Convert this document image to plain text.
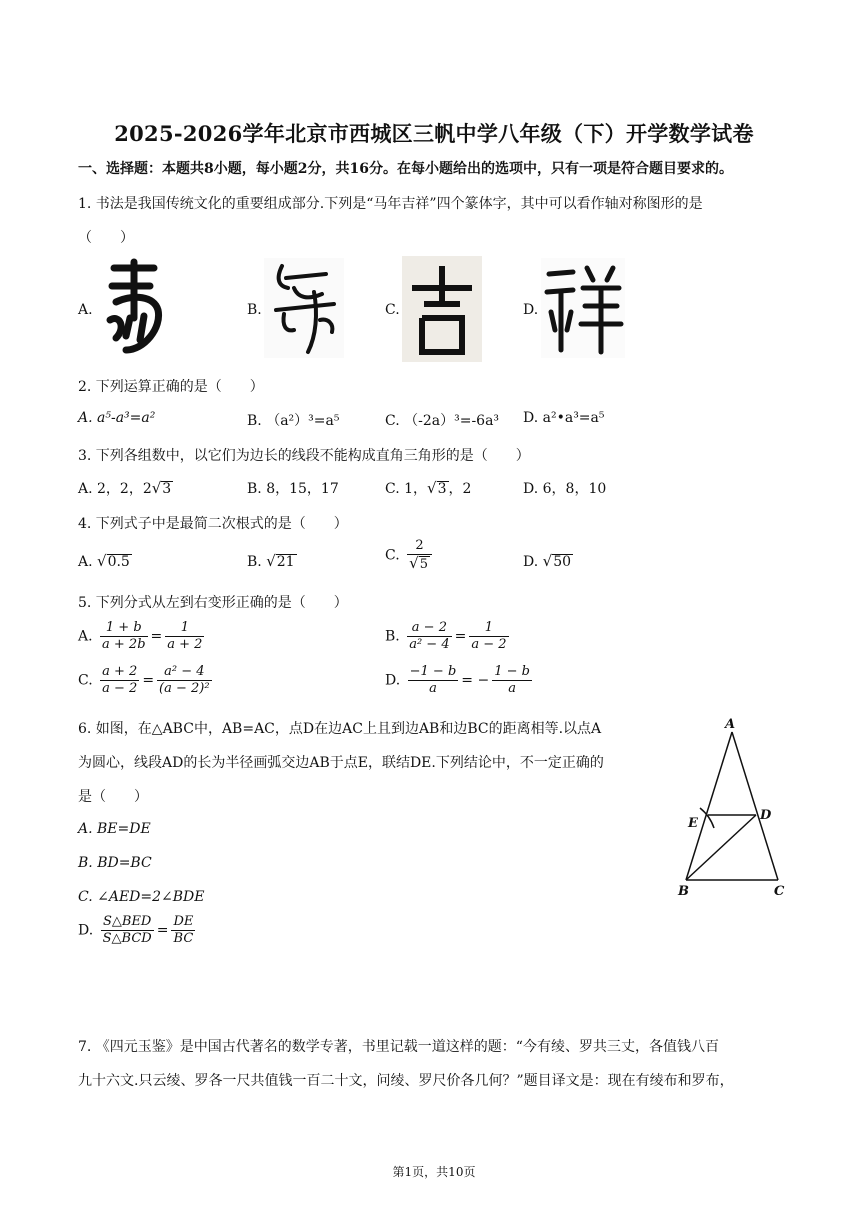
2025-2026学年北京市西城区三帆中学八年级（下）开学数学试卷
一、选择题：本题共8小题，每小题2分，共16分。在每小题给出的选项中，只有一项是符合题目要求的。
1. 书法是我国传统文化的重要组成部分.下列是“马年吉祥”四个篆体字，其中可以看作轴对称图形的是
（　　）
A.	B.	C.	D.
2. 下列运算正确的是（　　）
A. a⁵-a³=a²	B. （a²）³=a⁵	C. （-2a）³=-6a³ D. a²•a³=a⁵
3. 下列各组数中，以它们为边长的线段不能构成直角三角形的是（　　）
A. 2，2，2√3	B. 8，15，17	C. 1，√3 ，2	D. 6，8，10
4. 下列式子中是最简二次根式的是（　　）
A. √0.5	B. √21	C. $\frac{2}{√5}$	D. √50
5. 下列分式从左到右变形正确的是（　　）
A. $\frac{1 + b}{a + 2b} = \frac{1}{a + 2}$	B. $\frac{a - 2}{\text{a² − 4}} = \frac{1}{a - 2}$
C. $\frac{a + 2}{a - 2} = \frac{\text{a² − 4}}{\text{(a − 2)²}}$	D. $\frac{-1 - b}{a}$ = − $\frac{1 - b}{a}$
6. 如图，在△ABC中，AB=AC，点D在边AC上且到边AB和边BC的距离相等.以点A
为圆心，线段AD的长为半径画弧交边AB于点E，联结DE.下列结论中，不一定正确的
是（　　）
A. BE=DE
B. BD=BC
C. ∠AED=2∠BDE
D. $\frac{\text{S△BED}}{\text{S△BCD}} = \frac{DE}{BC}$
A
E
D
B	C
7. 《四元玉鉴》是中国古代著名的数学专著，书里记载一道这样的题：“今有绫、罗共三丈，各值钱八百
九十六文.只云绫、罗各一尺共值钱一百二十文，问绫、罗尺价各几何？”题目译文是：现在有绫布和罗布，
第1页，共10页
